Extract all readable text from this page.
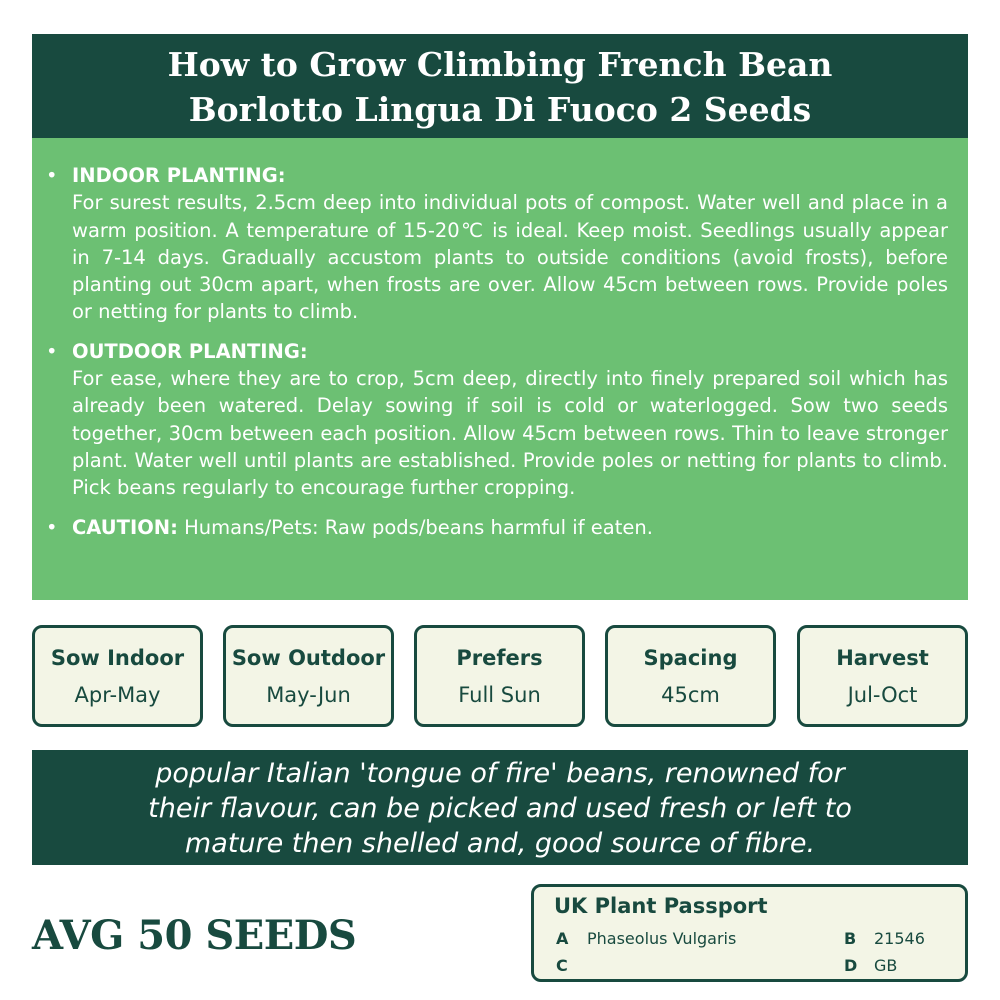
How to Grow Climbing French Bean
Borlotto Lingua Di Fuoco 2 Seeds
• INDOOR PLANTING:
For surest results, 2.5cm deep into individual pots of compost. Water well and place in a warm position. A temperature of 15-20℃ is ideal. Keep moist. Seedlings usually appear in 7-14 days. Gradually accustom plants to outside conditions (avoid frosts), before planting out 30cm apart, when frosts are over. Allow 45cm between rows. Provide poles or netting for plants to climb.
• OUTDOOR PLANTING:
For ease, where they are to crop, 5cm deep, directly into finely prepared soil which has already been watered. Delay sowing if soil is cold or waterlogged. Sow two seeds together, 30cm between each position. Allow 45cm between rows. Thin to leave stronger plant. Water well until plants are established. Provide poles or netting for plants to climb. Pick beans regularly to encourage further cropping.
• CAUTION: Humans/Pets: Raw pods/beans harmful if eaten.
Sow Indoor
Apr-May
Sow Outdoor
May-Jun
Prefers
Full Sun
Spacing
45cm
Harvest
Jul-Oct
popular Italian 'tongue of fire' beans, renowned for
their flavour, can be picked and used fresh or left to
mature then shelled and, good source of fibre.
AVG 50 SEEDS
UK Plant Passport
A Phaseolus Vulgaris	B 21546
C	D GB
